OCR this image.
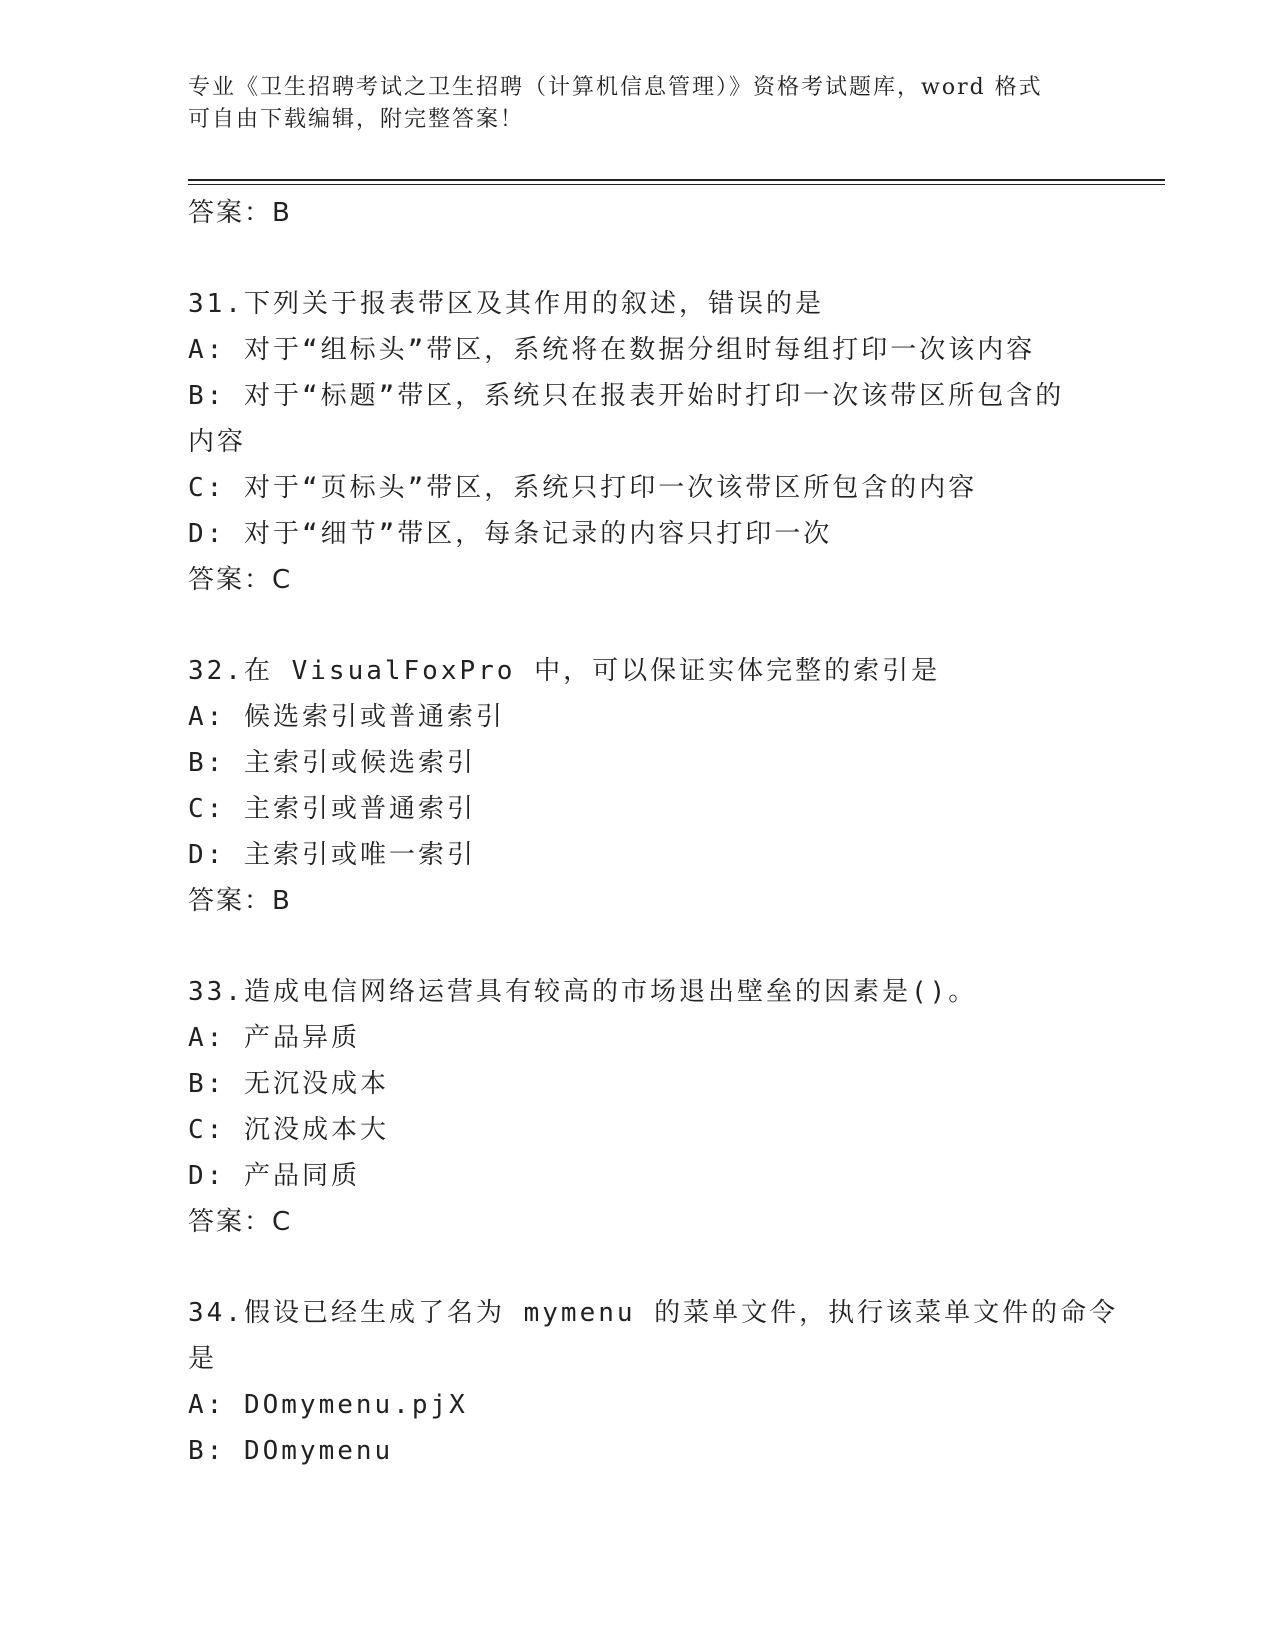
专业《卫生招聘考试之卫生招聘（计算机信息管理）》资格考试题库，word 格式
可自由下载编辑，附完整答案！
答案：B
31.下列关于报表带区及其作用的叙述，错误的是
A: 对于“组标头”带区，系统将在数据分组时每组打印一次该内容
B: 对于“标题”带区，系统只在报表开始时打印一次该带区所包含的
内容
C: 对于“页标头”带区，系统只打印一次该带区所包含的内容
D: 对于“细节”带区，每条记录的内容只打印一次
答案：C
32.在 VisualFoxPro 中，可以保证实体完整的索引是
A: 候选索引或普通索引
B: 主索引或候选索引
C: 主索引或普通索引
D: 主索引或唯一索引
答案：B
33.造成电信网络运营具有较高的市场退出壁垒的因素是()。
A: 产品异质
B: 无沉没成本
C: 沉没成本大
D: 产品同质
答案：C
34.假设已经生成了名为 mymenu 的菜单文件，执行该菜单文件的命令
是
A: DOmymenu.pjX
B: DOmymenu
